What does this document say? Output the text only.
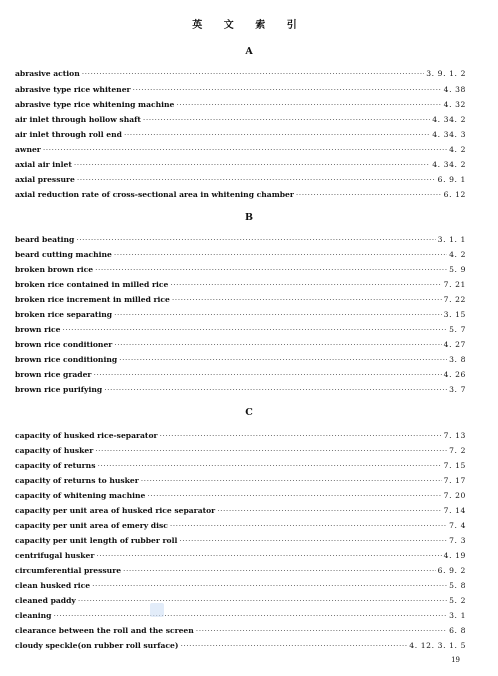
英 文 索 引
A
abrasive action ·····	3. 9. 1. 2
abrasive type rice whitener ·····	4. 38
abrasive type rice whitening machine ·····	4. 32
air inlet through hollow shaft ·····	4. 34. 2
air inlet through roll end ·····	4. 34. 3
awner ·····	4. 2
axial air inlet ·····	4. 34. 2
axial pressure ·····	6. 9. 1
axial reduction rate of cross-sectional area in whitening chamber ·····	6. 12
B
beard beating ·····	3. 1. 1
beard cutting machine ·····	4. 2
broken brown rice ·····	5. 9
broken rice contained in milled rice ·····	7. 21
broken rice increment in milled rice ·····	7. 22
broken rice separating ·····	3. 15
brown rice ·····	5. 7
brown rice conditioner ·····	4. 27
brown rice conditioning ·····	3. 8
brown rice grader ·····	4. 26
brown rice purifying ·····	3. 7
C
capacity of husked rice-separator ·····	7. 13
capacity of husker ·····	7. 2
capacity of returns ·····	7. 15
capacity of returns to husker ·····	7. 17
capacity of whitening machine ·····	7. 20
capacity per unit area of husked rice separator ·····	7. 14
capacity per unit area of emery disc ·····	7. 4
capacity per unit length of rubber roll ·····	7. 3
centrifugal husker ·····	4. 19
circumferential pressure ·····	6. 9. 2
clean husked rice ·····	5. 8
cleaned paddy ·····	5. 2
cleaning ·····	3. 1
clearance between the roll and the screen ·····	6. 8
cloudy speckle(on rubber roll surface) ·····	4. 12. 3. 1. 5
19
